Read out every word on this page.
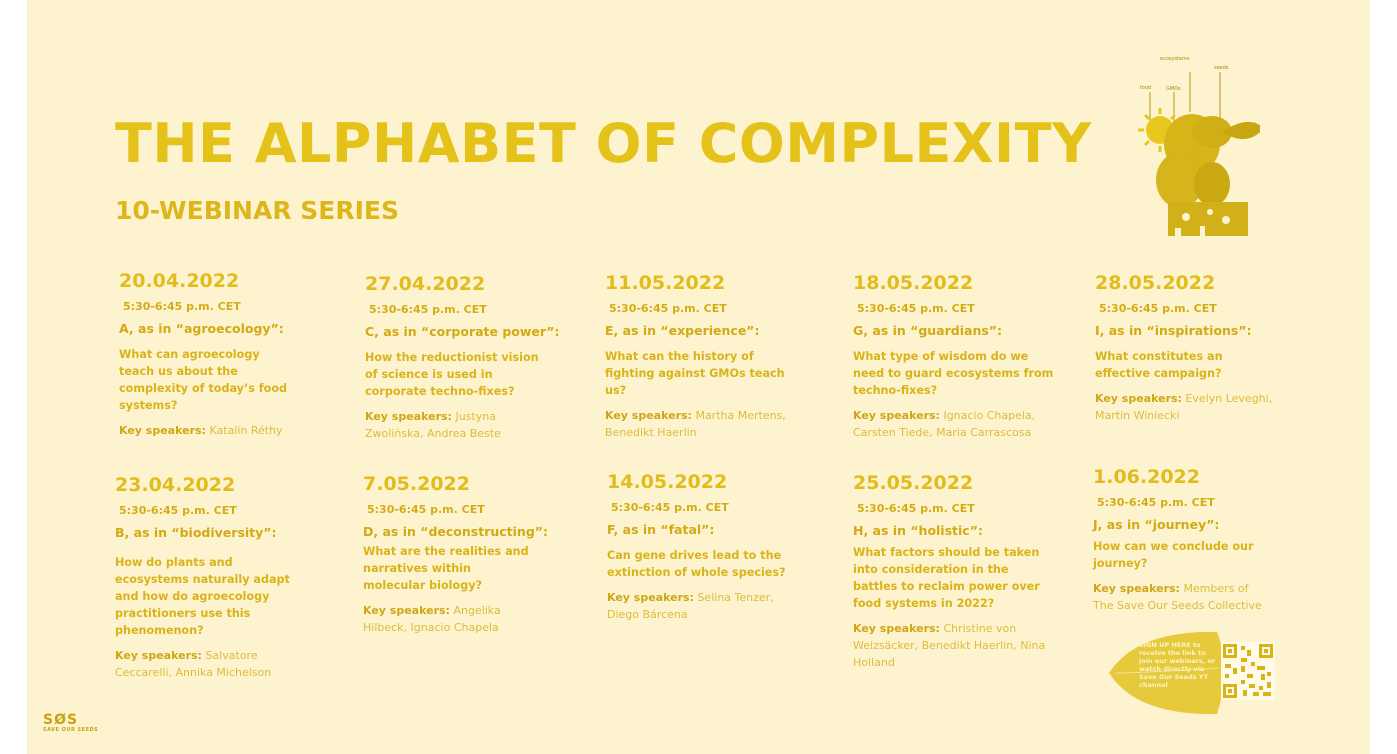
THE ALPHABET OF COMPLEXITY
10-WEBINAR SERIES
20.04.2022
5:30-6:45 p.m. CET
A, as in “agroecology”:
What can agroecology teach us about the complexity of today’s food systems?

Key speakers: Katalin Réthy

27.04.2022
5:30-6:45 p.m. CET
C, as in “corporate power”:
How the reductionist vision of science is used in corporate techno-fixes?

Key speakers: Justyna Zwolińska, Andrea Beste

11.05.2022
5:30-6:45 p.m. CET
E, as in “experience”:
What can the history of fighting against GMOs teach us?

Key speakers: Martha Mertens, Benedikt Haerlin

18.05.2022
5:30-6:45 p.m. CET
G, as in “guardians”:
What type of wisdom do we need to guard ecosystems from techno-fixes?

Key speakers: Ignacio Chapela, Carsten Tiede, Maria Carrascosa

28.05.2022
5:30-6:45 p.m. CET
I, as in “inspirations”:
What constitutes an effective campaign?

Key speakers: Evelyn Leveghi, Martin Winiecki

23.04.2022
5:30-6:45 p.m. CET
B, as in “biodiversity”:
How do plants and ecosystems naturally adapt and how do agroecology practitioners use this phenomenon?

Key speakers: Salvatore Ceccarelli, Annika Michelson

7.05.2022
5:30-6:45 p.m. CET
D, as in “deconstructing”:
What are the realities and narratives within molecular biology?

Key speakers: Angelika Hilbeck, Ignacio Chapela

14.05.2022
5:30-6:45 p.m. CET
F, as in “fatal”:
Can gene drives lead to the extinction of whole species?

Key speakers: Selina Tenzer, Diego Bárcena

25.05.2022
5:30-6:45 p.m. CET
H, as in “holistic”:
What factors should be taken into consideration in the battles to reclaim power over food systems in 2022?

Key speakers: Christine von Weizsäcker, Benedikt Haerlin, Nina Holland

1.06.2022
5:30-6:45 p.m. CET
J, as in “journey”:
How can we conclude our journey?

Key speakers: Members of The Save Our Seeds Collective

food
ecosystems
seeds
GMOs
SIGN UP HERE to receive the link to join our webinars, or watch directly via Save Our Seeds YT channel
SØS
SAVE OUR SEEDS
